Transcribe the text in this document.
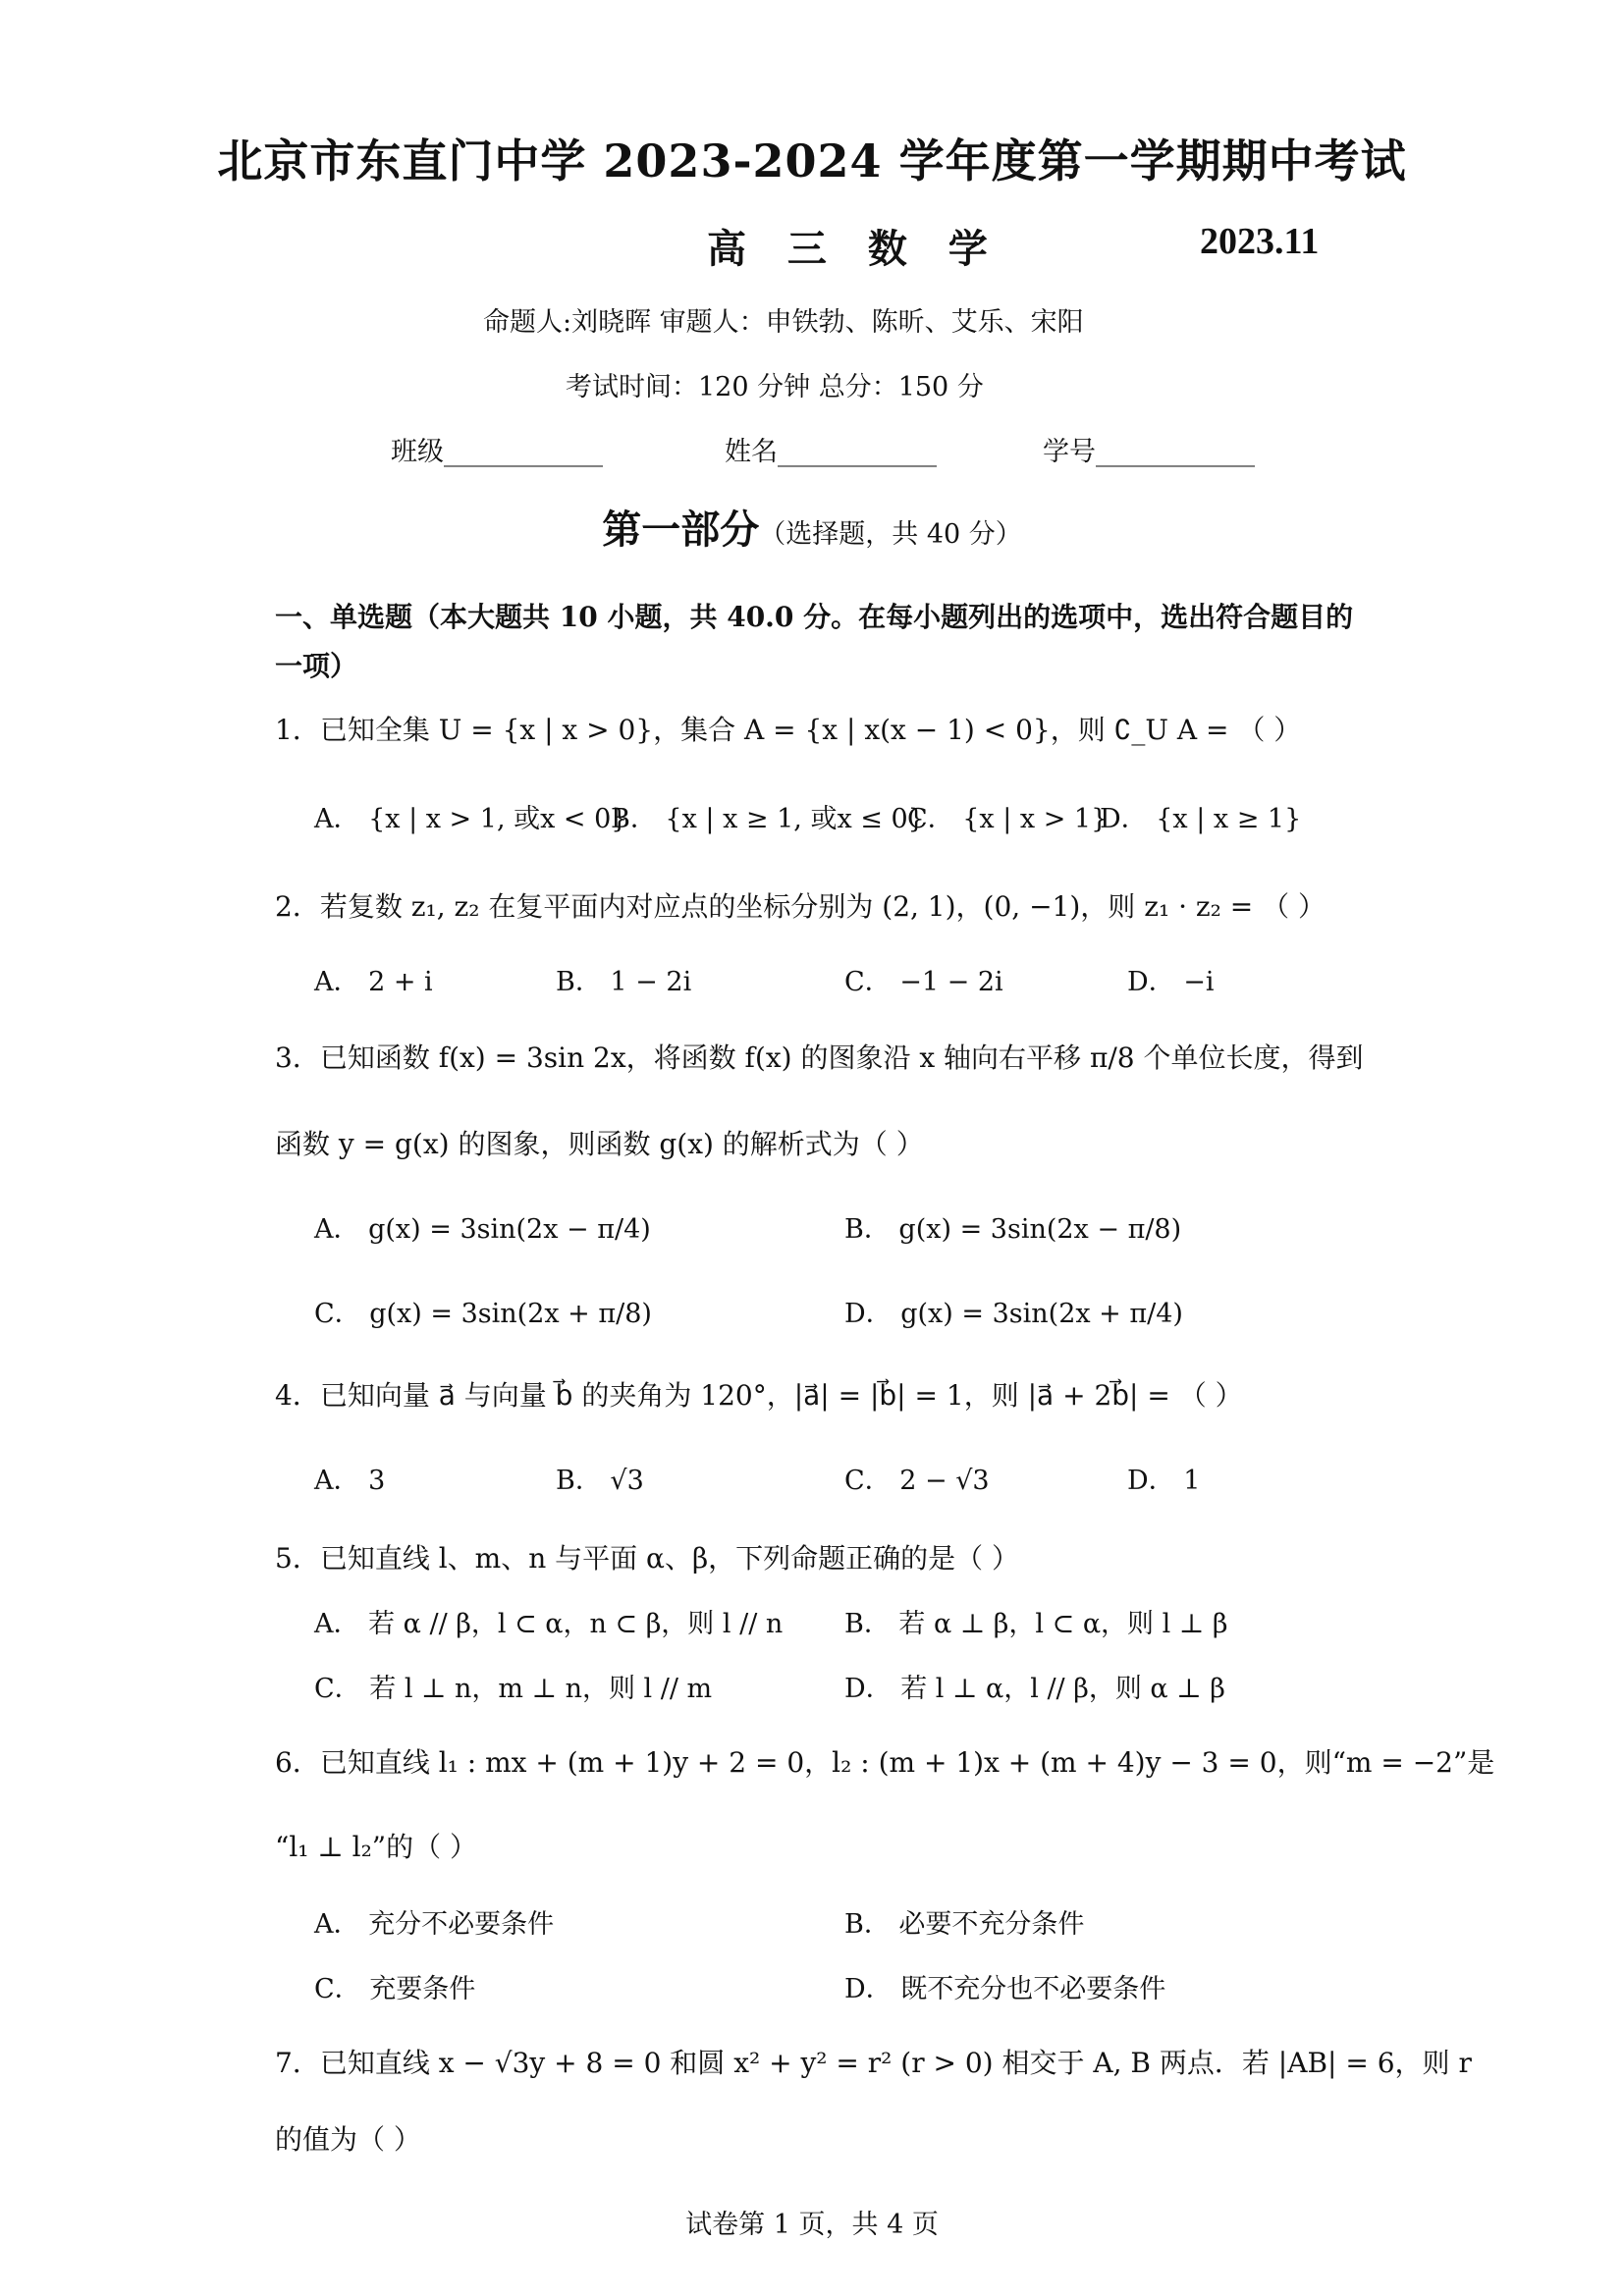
北京市东直门中学 2023-2024 学年度第一学期期中考试
高 三 数 学	2023.11
命题人:刘晓晖 审题人：申铁勃、陈昕、艾乐、宋阳
考试时间：120 分钟 总分：150 分
班级____________	姓名____________	学号____________
第一部分（选择题，共 40 分）
一、单选题（本大题共 10 小题，共 40.0 分。在每小题列出的选项中，选出符合题目的一项）
1．已知全集 U = {x | x > 0}，集合 A = {x | x(x − 1) < 0}，则 ∁_U A = （ ）
A． {x | x > 1, 或x < 0}
B． {x | x ≥ 1, 或x ≤ 0}
C． {x | x > 1}
D． {x | x ≥ 1}
2．若复数 z₁, z₂ 在复平面内对应点的坐标分别为 (2, 1)，(0, −1)，则 z₁ · z₂ = （ ）
A． 2 + i	B． 1 − 2i	C． −1 − 2i	D． −i
3．已知函数 f(x) = 3sin 2x，将函数 f(x) 的图象沿 x 轴向右平移 π/8 个单位长度，得到
函数 y = g(x) 的图象，则函数 g(x) 的解析式为（ ）
A． g(x) = 3sin(2x − π/4)	B． g(x) = 3sin(2x − π/8)
C． g(x) = 3sin(2x + π/8)	D． g(x) = 3sin(2x + π/4)
4．已知向量 a⃗ 与向量 b⃗ 的夹角为 120°，|a⃗| = |b⃗| = 1，则 |a⃗ + 2b⃗| = （ ）
A． 3	B． √3	C． 2 − √3	D． 1
5．已知直线 l、m、n 与平面 α、β，下列命题正确的是（ ）
A． 若 α // β，l ⊂ α，n ⊂ β，则 l // n B． 若 α ⊥ β，l ⊂ α，则 l ⊥ β
C． 若 l ⊥ n，m ⊥ n，则 l // m	D． 若 l ⊥ α，l // β，则 α ⊥ β
6．已知直线 l₁ : mx + (m + 1)y + 2 = 0，l₂ : (m + 1)x + (m + 4)y − 3 = 0，则“m = −2”是
“l₁ ⊥ l₂”的（ ）
A． 充分不必要条件	B． 必要不充分条件
C． 充要条件	D． 既不充分也不必要条件
7．已知直线 x − √3y + 8 = 0 和圆 x² + y² = r² (r > 0) 相交于 A, B 两点．若 |AB| = 6，则 r
的值为（ ）
试卷第 1 页，共 4 页
